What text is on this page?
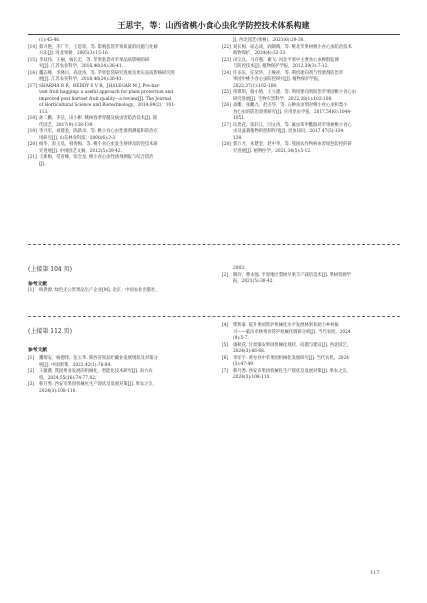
王思宇，等：山西省桃小食心虫化学防控技术体系构建
(1):45-46.
[14] 蔡兴艳，李广宇，王恩荣，等. 影响套袋苹果质量的问题与化解
方法[J]. 河北果树，2005(3):15-16.
[15] 李双伟，王丽，杨长宏，等. 苹果套袋对苹果品质影响的研
究[J]. 江苏农业科学，2018,46(24):36-41.
[16] 魏志峰，李林川，高登涛，等. 苹果套袋研究进展及果实品质影响研究进
展[J]. 江苏农业科学，2018,46(24):36-41.
[17] SHARMA R R，REDDY S V R，JHALEGAR M J. Pre-har-
vest fruit bagging: a useful approach for plant protection and
improved post harvest fruit quality—a review[J]. The Journal
of Horticultural Science and Biotechnology，2014,89(2)：101-
113.
[18] 孙二鹏，李洁，田小彬. 桃树春季穿越及病虫害防治技术[J]. 现
代园艺，2017(9):138-139.
[19] 李兴军，刘建金，陈新录，等. 桃小食心虫性诱剂测报和防治应
用研究[J]. 山东林业科技，2000(6):2-3.
[20] 杨华，彭玉基，韩秀梅，等. 桃小食心虫发生规律及防控技术研
究进展[J]. 中国园艺文摘，2012(5):39-42.
[21] 王新梅，常青峰，张会龙. 桃小食心虫性诱剂测报与综合防治
[J].
J]. 西北园艺(果树)，2021(6):29-30.
[22] 刘长梅，屈志成，阎锦梅，等. 桃北苹果树桃小食心虫防治技术
植物保护，2024(4):32-33.
[23] 田宝良，马存强，谢飞. 河北平原中主要食心虫种群监测
与防控技术[J]. 植物保护学报，2012,39(3):7-12.
[24] 许多乐，任荣华，王峻祥，等. 利用迷向剂与性诱剂防治苹
果园中桃小食心虫防控研究[J]. 植物保护学报，
2022,37(1):102-108.
[25] 伟琪琪，杨小婧，王立建，等. 利用迷向剂防治苹果园桃小食心虫
研究进展[J]. 生物灾害科学，2022,38(1):102-108.
[26] 高雕，张鹏九，赵圣华，等. 五种杀虫剂对桃小食心虫和梨小
食心虫的防治效果研究[J]. 应用昆虫学报，2017,54(6):1044-
1051.
[27] 伍贵花，张轩江，闫文涛，等. 氟虫苯甲酰胺对苹果树桃小食心
虫及盆栽植物的控制作用[J]. 昆虫知识，2017,47(5):134-
138.
[28] 郭万才，朱楚金，赵中华，等. 我国农作物病虫害绿色防控的研
究进展[J]. 植物医学，2021,34(5):5-12.
(上接第 104 页)
参考文献
[1]	杨供源. 绿色无公害果品生产企业[M]. 北京：中国农业出版社，
2003.
[2]	陶玲，曹永强. 平原地区梨树早果丰产栽培技术[J]. 果树资源学
报，2021(5):38-42.
(上接第 112 页)
参考文献
[1]	魏瑞安，杨德伟，张玉华. 陕西省果品贮藏业发展现状及对策分
析[J]. 中国果菜，2022,42(1):78-84.
[2]	王薇薇. 我国果业发展的机械化、智能化技术研究[J]. 南方农
机，2024,55(16):74-77,82.
[3]	韩月秀. 西安市果园机械化生产现状及发展对策[J]. 果农之友，
2024(3):108-110.
[4]	柴智豪. 提升果园管护机械化水平发展林果业助力乡村振
兴——临汾市林果业管护机械化调研分析[J]. 当代农机，2024
(9):5-7.
[5]	康秋花. 甘肃秦安果园机械化现状、问题与建议[J]. 西北园艺，
2024(3):66-68.
[6]	李军宇. 黄谷县中苹果园机械化发展研究[J]. 当代农机，2024
(3):47-49.
[7]	韩月秀. 西安市果园机械化生产现状及发展对策[J]. 果农之友，
2024(3):108-110.
117
